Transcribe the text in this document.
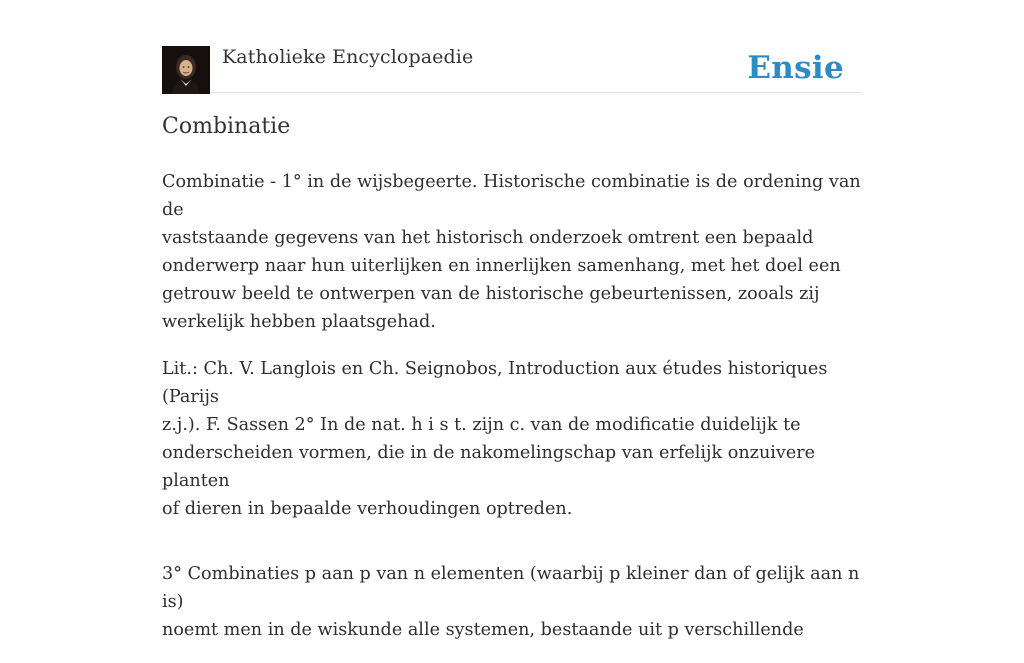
Katholieke Encyclopaedie	Ensie
Combinatie

Combinatie - 1° in de wijsbegeerte. Historische combinatie is de ordening van de
vaststaande gegevens van het historisch onderzoek omtrent een bepaald
onderwerp naar hun uiterlijken en innerlijken samenhang, met het doel een
getrouw beeld te ontwerpen van de historische gebeurtenissen, zooals zij
werkelijk hebben plaatsgehad.

Lit.: Ch. V. Langlois en Ch. Seignobos, Introduction aux études historiques (Parijs
z.j.). F. Sassen 2° In de nat. h i s t. zijn c. van de modificatie duidelijk te
onderscheiden vormen, die in de nakomelingschap van erfelijk onzuivere planten
of dieren in bepaalde verhoudingen optreden.

3° Combinaties p aan p van n elementen (waarbij p kleiner dan of gelijk aan n is)
noemt men in de wiskunde alle systemen, bestaande uit p verschillende
